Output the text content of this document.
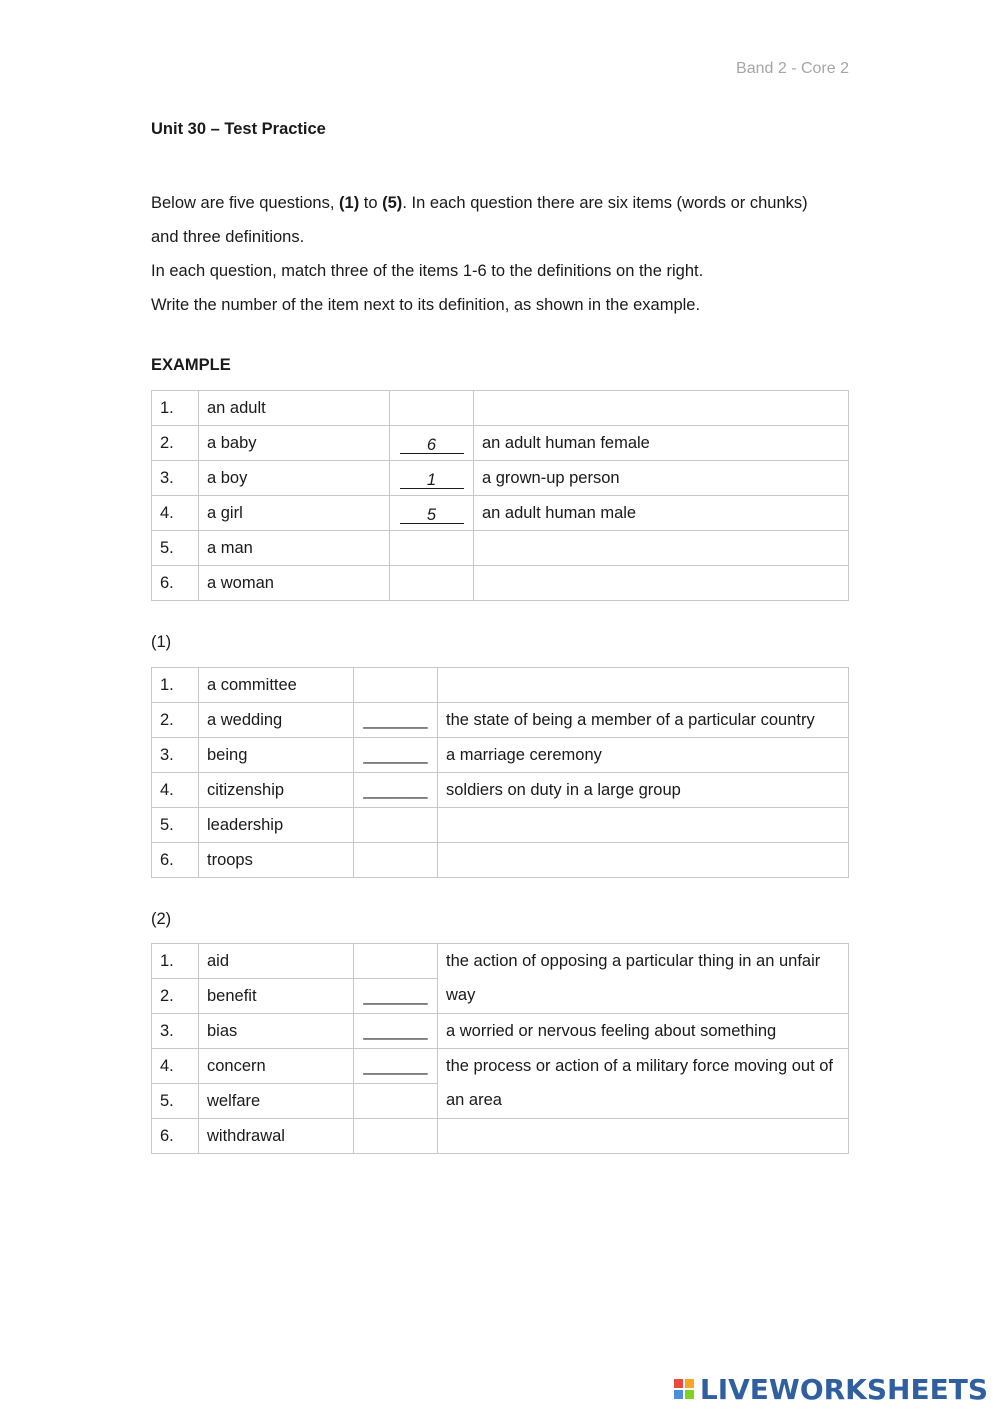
Band 2 - Core 2
Unit 30 – Test Practice

Below are five questions, (1) to (5). In each question there are six items (words or chunks)

and three definitions.

In each question, match three of the items 1-6 to the definitions on the right.

Write the number of the item next to its definition, as shown in the example.

EXAMPLE
1.	an adult		
2.	a baby	6	an adult human female
3.	a boy	1	a grown-up person
4.	a girl	5	an adult human male
5.	a man		
6.	a woman		
(1)
1.	a committee		
2.	a wedding	_______	the state of being a member of a particular country
3.	being	_______	a marriage ceremony
4.	citizenship	_______	soldiers on duty in a large group
5.	leadership		
6.	troops		
(2)
1.	aid		the action of opposing a particular thing in an unfair way
2.	benefit	_______	
3.	bias	_______	a worried or nervous feeling about something
4.	concern	_______	the process or action of a military force moving out of an area
5.	welfare		
6.	withdrawal		
LIVEWORKSHEETS
